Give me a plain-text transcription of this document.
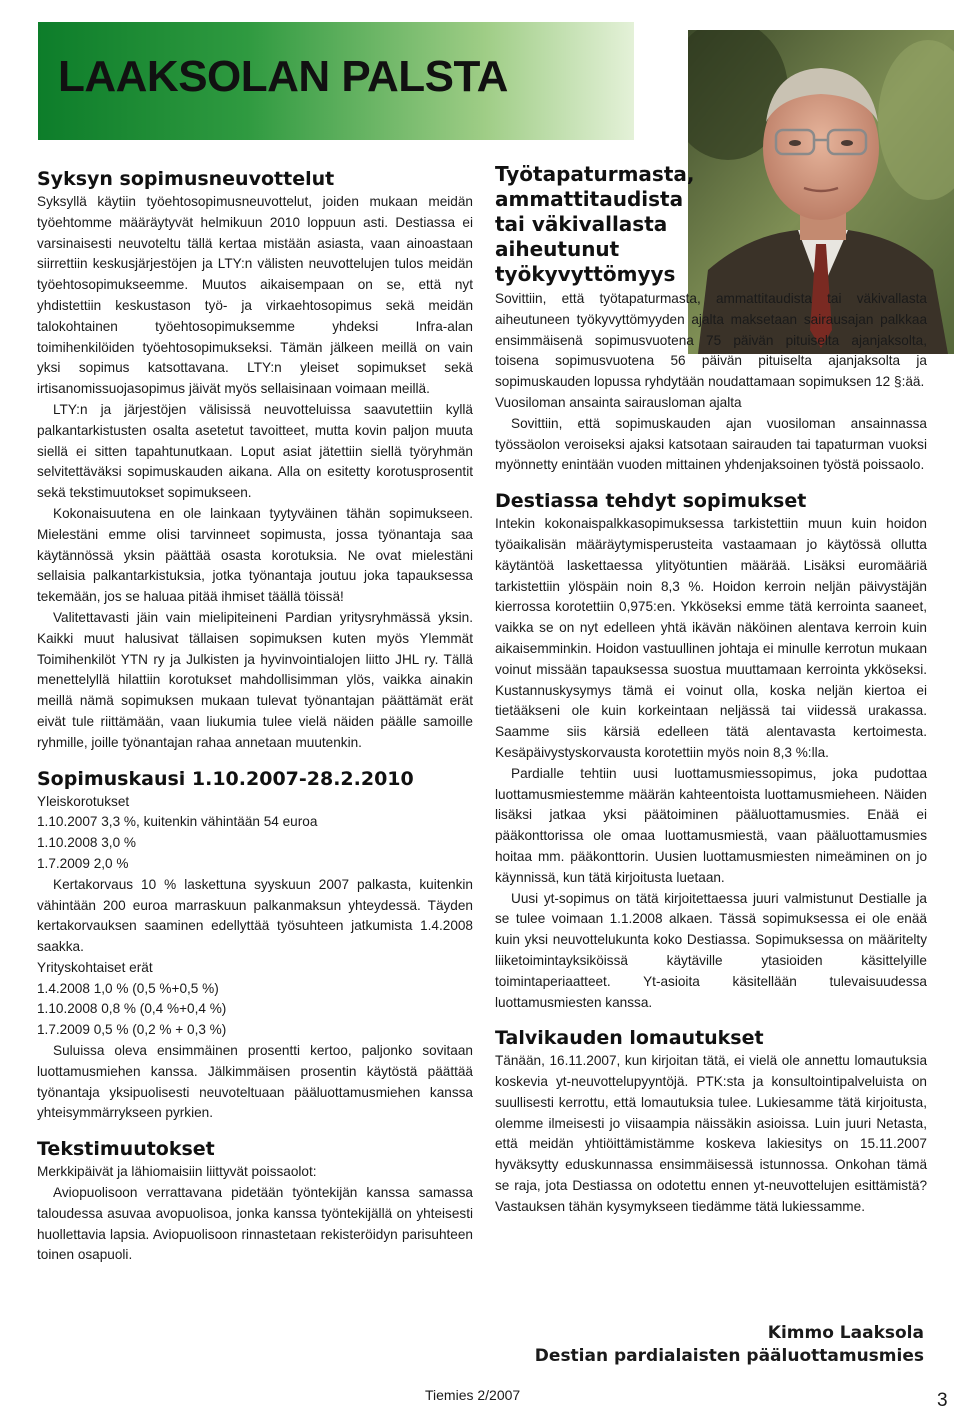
LAAKSOLAN PALSTA
Syksyn sopimusneuvottelut

Syksyllä käytiin työehtosopimusneuvottelut, joiden mukaan meidän työehtomme määräytyvät helmikuun 2010 loppuun asti. Destiassa ei varsinaisesti neuvoteltu tällä kertaa mistään asiasta, vaan ainoastaan siirrettiin keskusjärjestöjen ja LTY:n välisten neuvottelujen tulos meidän työehtosopimukseemme. Muutos aikaisempaan on se, että nyt yhdistettiin keskustason työ- ja virkaehtosopimus sekä meidän talokohtainen työehtosopimuksemme yhdeksi Infra-alan toimihenkilöiden työehtosopimukseksi. Tämän jälkeen meillä on vain yksi sopimus katsottavana. LTY:n yleiset sopimukset sekä irtisanomissuojasopimus jäivät myös sellaisinaan voimaan meillä.

LTY:n ja järjestöjen välisissä neuvotteluissa saavutettiin kyllä palkantarkistusten osalta asetetut tavoitteet, mutta kovin paljon muuta siellä ei sitten tapahtunutkaan. Loput asiat jätettiin siellä työryhmän selvitettäväksi sopimuskauden aikana. Alla on esitetty korotusprosentit sekä tekstimuutokset sopimukseen.

Kokonaisuutena en ole lainkaan tyytyväinen tähän sopimukseen. Mielestäni emme olisi tarvinneet sopimusta, jossa työnantaja saa käytännössä yksin päättää osasta korotuksia. Ne ovat mielestäni sellaisia palkantarkistuksia, jotka työnantaja joutuu joka tapauksessa tekemään, jos se haluaa pitää ihmiset täällä töissä!

Valitettavasti jäin vain mielipiteineni Pardian yritysryhmässä yksin. Kaikki muut halusivat tällaisen sopimuksen kuten myös Ylemmät Toimihenkilöt YTN ry ja Julkisten ja hyvinvointialojen liitto JHL ry. Tällä menettelyllä hilattiin korotukset mahdollisimman ylös, vaikka ainakin meillä nämä sopimuksen mukaan tulevat työnantajan päättämät erät eivät tule riittämään, vaan liukumia tulee vielä näiden päälle samoille ryhmille, joille työnantajan rahaa annetaan muutenkin.

Sopimuskausi 1.10.2007-28.2.2010

Yleiskorotukset

1.10.2007 3,3 %, kuitenkin vähintään 54 euroa

1.10.2008 3,0 %

1.7.2009 2,0 %

Kertakorvaus 10 % laskettuna syyskuun 2007 palkasta, kuitenkin vähintään 200 euroa marraskuun palkanmaksun yhteydessä. Täyden kertakorvauksen saaminen edellyttää työsuhteen jatkumista 1.4.2008 saakka.

Yrityskohtaiset erät

1.4.2008 1,0 % (0,5 %+0,5 %)

1.10.2008 0,8 % (0,4 %+0,4 %)

1.7.2009 0,5 % (0,2 % + 0,3 %)

Suluissa oleva ensimmäinen prosentti kertoo, paljonko sovitaan luottamusmiehen kanssa. Jälkimmäisen prosentin käytöstä päättää työnantaja yksipuolisesti neuvoteltuaan pääluottamusmiehen kanssa yhteisymmärrykseen pyrkien.

Tekstimuutokset

Merkkipäivät ja lähiomaisiin liittyvät poissaolot:

Aviopuolisoon verrattavana pidetään työntekijän kanssa samassa taloudessa asuvaa avopuolisoa, jonka kanssa työntekijällä on yhteisesti huollettavia lapsia. Aviopuolisoon rinnastetaan rekisteröidyn parisuhteen toinen osapuoli.

Työtapaturmasta, ammattitaudista tai väkivallasta aiheutunut työkyvyttömyys

Sovittiin, että työtapaturmasta, ammattitaudista tai väkivallasta aiheutuneen työkyvyttömyyden ajalta maksetaan sairausajan palkkaa ensimmäisenä sopimusvuotena 75 päivän pituiselta ajanjaksolta, toisena sopimusvuotena 56 päivän pituiselta ajanjaksolta ja sopimuskauden lopussa ryhdytään noudattamaan sopimuksen 12 §:ää.

Vuosiloman ansainta sairausloman ajalta

Sovittiin, että sopimuskauden ajan vuosiloman ansainnassa työssäolon veroiseksi ajaksi katsotaan sairauden tai tapaturman vuoksi myönnetty enintään vuoden mittainen yhdenjaksoinen työstä poissaolo.

Destiassa tehdyt sopimukset

Intekin kokonaispalkkasopimuksessa tarkistettiin muun kuin hoidon työaikalisän määräytymisperusteita vastaamaan jo käytössä ollutta käytäntöä laskettaessa ylityötuntien määrää. Lisäksi euromääriä tarkistettiin ylöspäin noin 8,3 %. Hoidon kerroin neljän päivystäjän kierrossa korotettiin 0,975:en. Ykköseksi emme tätä kerrointa saaneet, vaikka se on nyt edelleen yhtä ikävän näköinen alentava kerroin kuin aikaisemminkin. Hoidon vastuullinen johtaja ei minulle kerrotun mukaan voinut missään tapauksessa suostua muuttamaan kerrointa ykköseksi. Kustannuskysymys tämä ei voinut olla, koska neljän kiertoa ei tietääkseni ole kuin korkeintaan neljässä tai viidessä urakassa. Saamme siis kärsiä edelleen tätä alentavasta kertoimesta. Kesäpäivystyskorvausta korotettiin myös noin 8,3 %:lla.

Pardialle tehtiin uusi luottamusmiessopimus, joka pudottaa luottamusmiestemme määrän kahteentoista luottamusmieheen. Näiden lisäksi jatkaa yksi päätoiminen pääluottamusmies. Enää ei pääkonttorissa ole omaa luottamusmiestä, vaan pääluottamusmies hoitaa mm. pääkonttorin. Uusien luottamusmiesten nimeäminen on jo käynnissä, kun tätä kirjoitusta luetaan.

Uusi yt-sopimus on tätä kirjoitettaessa juuri valmistunut Destialle ja se tulee voimaan 1.1.2008 alkaen. Tässä sopimuksessa ei ole enää kuin yksi neuvottelukunta koko Destiassa. Sopimuksessa on määritelty liiketoimintayksiköissä käytäville ytasioiden käsittelyille toimintaperiaatteet. Yt-asioita käsitellään tulevaisuudessa luottamusmiesten kanssa.

Talvikauden lomautukset

Tänään, 16.11.2007, kun kirjoitan tätä, ei vielä ole annettu lomautuksia koskevia yt-neuvottelupyyntöjä. PTK:sta ja konsultointipalveluista on suullisesti kerrottu, että lomautuksia tulee. Lukiesamme tätä kirjoitusta, olemme ilmeisesti jo viisaampia näissäkin asioissa. Luin juuri Netasta, että meidän yhtiöittämistämme koskeva lakiesitys on 15.11.2007 hyväksytty eduskunnassa ensimmäisessä istunnossa. Onkohan tämä se raja, jota Destiassa on odotettu ennen yt-neuvottelujen esittämistä? Vastauksen tähän kysymykseen tiedämme tätä lukiessamme.

Kimmo Laaksola
Destian pardialaisten pääluottamusmies
Tiemies 2/2007	3
